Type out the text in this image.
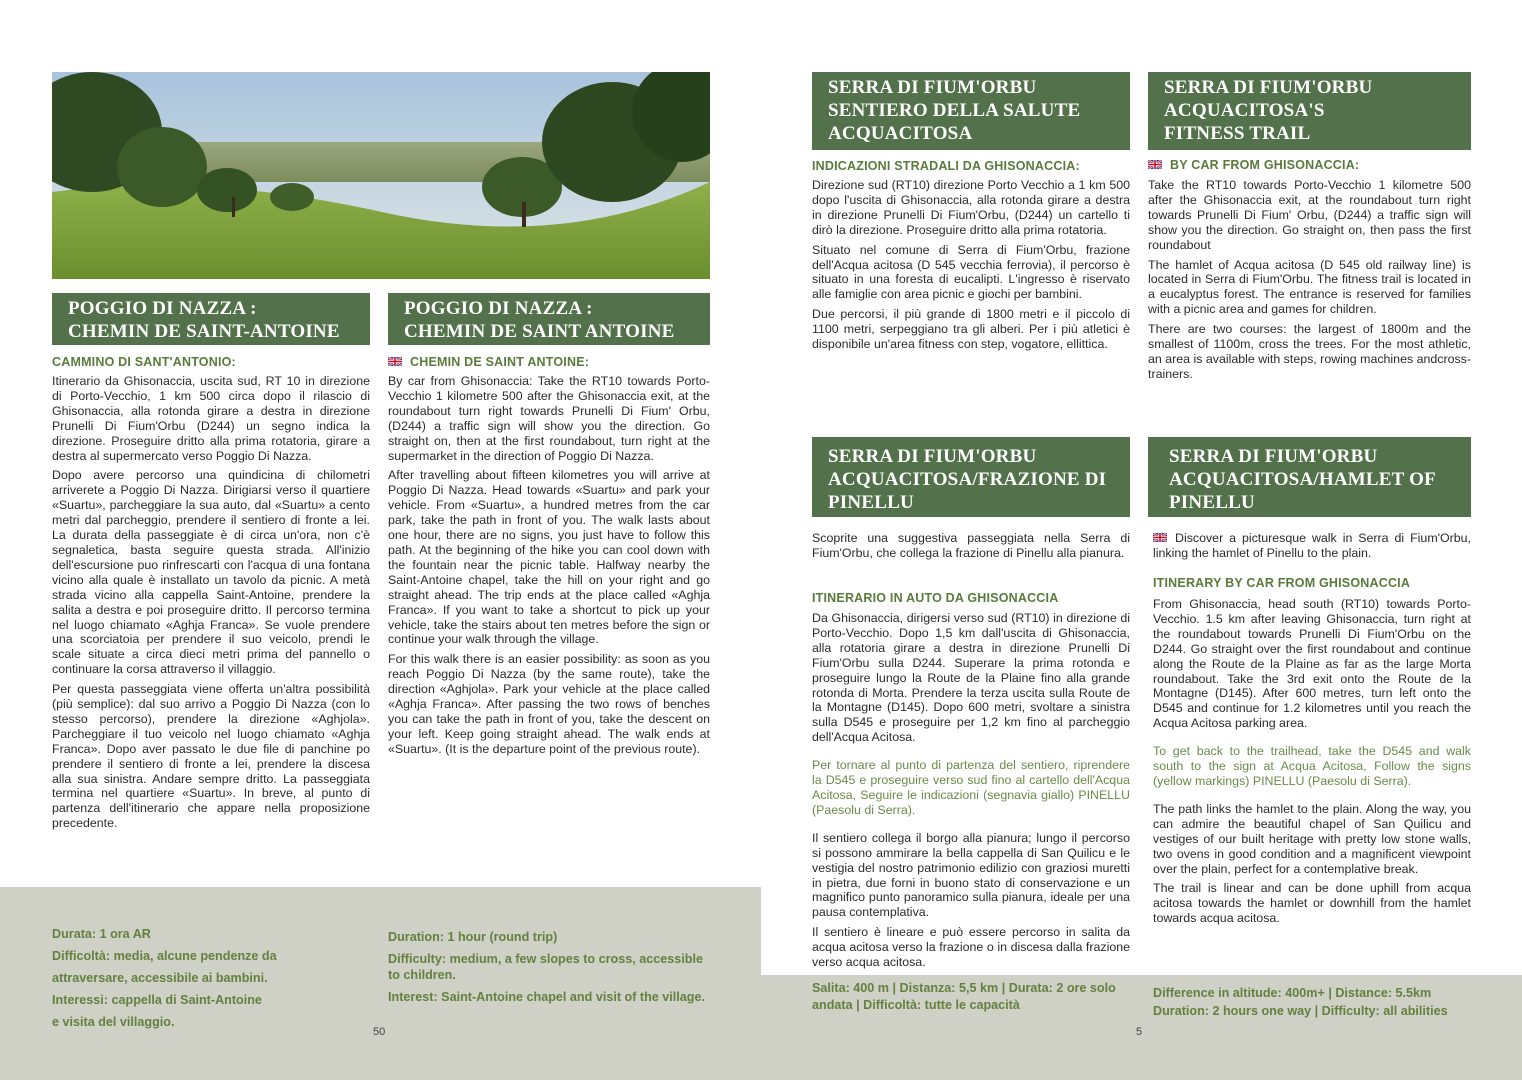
POGGIO DI NAZZA :
CHEMIN DE SAINT-ANTOINE
CAMMINO DI SANT'ANTONIO:

Itinerario da Ghisonaccia, uscita sud, RT 10 in direzione di Porto-Vecchio, 1 km 500 circa dopo il rilascio di Ghisonaccia, alla rotonda girare a destra in direzione Prunelli Di Fium'Orbu (D244) un segno indica la direzione. Proseguire dritto alla prima rotatoria, girare a destra al supermercato verso Poggio Di Nazza.

Dopo avere percorso una quindicina di chilometri arriverete a Poggio Di Nazza. Dirigiarsi verso il quartiere «Suartu», parcheggiare la sua auto, dal «Suartu» a cento metri dal parcheggio, prendere il sentiero di fronte a lei. La durata della passeggiate è di circa un'ora, non c'è segnaletica, basta seguire questa strada. All'inizio dell'escursione puo rinfrescarti con l'acqua di una fontana vicino alla quale è installato un tavolo da picnic. A metà strada vicino alla cappella Saint-Antoine, prendere la salita a destra e poi proseguire dritto. Il percorso termina nel luogo chiamato «Aghja Franca». Se vuole prendere una scorciatoia per prendere il suo veicolo, prendi le scale situate a circa dieci metri prima del pannello o continuare la corsa attraverso il villaggio.

Per questa passeggiata viene offerta un'altra possibilità (più semplice): dal suo arrivo a Poggio Di Nazza (con lo stesso percorso), prendere la direzione «Aghjola». Parcheggiare il tuo veicolo nel luogo chiamato «Aghja Franca». Dopo aver passato le due file di panchine po prendere il sentiero di fronte a lei, prendere la discesa alla sua sinistra. Andare sempre dritto. La passeggiata termina nel quartiere «Suartu». In breve, al punto di partenza dell'itinerario che appare nella proposizione precedente.

Durata: 1 ora AR
Difficoltà: media, alcune pendenze da
attraversare, accessibile ai bambini.
Interessi: cappella di Saint-Antoine
e visita del villaggio.
POGGIO DI NAZZA :
CHEMIN DE SAINT ANTOINE
CHEMIN DE SAINT ANTOINE:

By car from Ghisonaccia: Take the RT10 towards Porto-Vecchio 1 kilometre 500 after the Ghisonaccia exit, at the roundabout turn right towards Prunelli Di Fium' Orbu, (D244) a traffic sign will show you the direction. Go straight on, then at the first roundabout, turn right at the supermarket in the direction of Poggio Di Nazza.

After travelling about fifteen kilometres you will arrive at Poggio Di Nazza. Head towards «Suartu» and park your vehicle. From «Suartu», a hundred metres from the car park, take the path in front of you. The walk lasts about one hour, there are no signs, you just have to follow this path. At the beginning of the hike you can cool down with the fountain near the picnic table. Halfway nearby the Saint-Antoine chapel, take the hill on your right and go straight ahead. The trip ends at the place called «Aghja Franca». If you want to take a shortcut to pick up your vehicle, take the stairs about ten metres before the sign or continue your walk through the village.

For this walk there is an easier possibility: as soon as you reach Poggio Di Nazza (by the same route), take the direction «Aghjola». Park your vehicle at the place called «Aghja Franca». After passing the two rows of benches you can take the path in front of you, take the descent on your left. Keep going straight ahead. The walk ends at «Suartu». (It is the departure point of the previous route).

Duration: 1 hour (round trip)
Difficulty: medium, a few slopes to cross, accessible to children.
Interest: Saint-Antoine chapel and visit of the village.
50
SERRA DI FIUM'ORBU
SENTIERO DELLA SALUTE
ACQUACITOSA
INDICAZIONI STRADALI DA GHISONACCIA:

Direzione sud (RT10) direzione Porto Vecchio a 1 km 500 dopo l'uscita di Ghisonaccia, alla rotonda girare a destra in direzione Prunelli Di Fium'Orbu, (D244) un cartello ti dirò la direzione. Proseguire dritto alla prima rotatoria.

Situato nel comune di Serra di Fium'Orbu, frazione dell'Acqua acitosa (D 545 vecchia ferrovia), il percorso è situato in una foresta di eucalipti. L'ingresso è riservato alle famiglie con area picnic e giochi per bambini.

Due percorsi, il più grande di 1800 metri e il piccolo di 1100 metri, serpeggiano tra gli alberi. Per i più atletici è disponibile un'area fitness con step, vogatore, ellittica.

SERRA DI FIUM'ORBU
ACQUACITOSA'S
FITNESS TRAIL
BY CAR FROM GHISONACCIA:

Take the RT10 towards Porto-Vecchio 1 kilometre 500 after the Ghisonaccia exit, at the roundabout turn right towards Prunelli Di Fium' Orbu, (D244) a traffic sign will show you the direction. Go straight on, then pass the first roundabout

The hamlet of Acqua acitosa (D 545 old railway line) is located in Serra di Fium'Orbu. The fitness trail is located in a eucalyptus forest. The entrance is reserved for families with a picnic area and games for children.

There are two courses: the largest of 1800m and the smallest of 1100m, cross the trees. For the most athletic, an area is available with steps, rowing machines andcross-trainers.

SERRA DI FIUM'ORBU
ACQUACITOSA/FRAZIONE DI
PINELLU
Scoprite una suggestiva passeggiata nella Serra di Fium'Orbu, che collega la frazione di Pinellu alla pianura.
ITINERARIO IN AUTO DA GHISONACCIA

Da Ghisonaccia, dirigersi verso sud (RT10) in direzione di Porto-Vecchio. Dopo 1,5 km dall'uscita di Ghisonaccia, alla rotatoria girare a destra in direzione Prunelli Di Fium'Orbu sulla D244. Superare la prima rotonda e proseguire lungo la Route de la Plaine fino alla grande rotonda di Morta. Prendere la terza uscita sulla Route de la Montagne (D145). Dopo 600 metri, svoltare a sinistra sulla D545 e proseguire per 1,2 km fino al parcheggio dell'Acqua Acitosa.

Per tornare al punto di partenza del sentiero, riprendere la D545 e proseguire verso sud fino al cartello dell'Acqua Acitosa, Seguire le indicazioni (segnavia giallo) PINELLU (Paesolu di Serra).

Il sentiero collega il borgo alla pianura; lungo il percorso si possono ammirare la bella cappella di San Quilicu e le vestigia del nostro patrimonio edilizio con graziosi muretti in pietra, due forni in buono stato di conservazione e un magnifico punto panoramico sulla pianura, ideale per una pausa contemplativa.

Il sentiero è lineare e può essere percorso in salita da acqua acitosa verso la frazione o in discesa dalla frazione verso acqua acitosa.

Salita: 400 m | Distanza: 5,5 km | Durata: 2 ore solo
andata | Difficoltà: tutte le capacità
SERRA DI FIUM'ORBU
ACQUACITOSA/HAMLET OF
PINELLU
Discover a picturesque walk in Serra di Fium'Orbu, linking the hamlet of Pinellu to the plain.
ITINERARY BY CAR FROM GHISONACCIA

From Ghisonaccia, head south (RT10) towards Porto-Vecchio. 1.5 km after leaving Ghisonaccia, turn right at the roundabout towards Prunelli Di Fium'Orbu on the D244. Go straight over the first roundabout and continue along the Route de la Plaine as far as the large Morta roundabout. Take the 3rd exit onto the Route de la Montagne (D145). After 600 metres, turn left onto the D545 and continue for 1.2 kilometres until you reach the Acqua Acitosa parking area.

To get back to the trailhead, take the D545 and walk south to the sign at Acqua Acitosa, Follow the signs (yellow markings) PINELLU (Paesolu di Serra).

The path links the hamlet to the plain. Along the way, you can admire the beautiful chapel of San Quilicu and vestiges of our built heritage with pretty low stone walls, two ovens in good condition and a magnificent viewpoint over the plain, perfect for a contemplative break.

The trail is linear and can be done uphill from acqua acitosa towards the hamlet or downhill from the hamlet towards acqua acitosa.

Difference in altitude: 400m+ | Distance: 5.5km
Duration: 2 hours one way | Difficulty: all abilities
5
